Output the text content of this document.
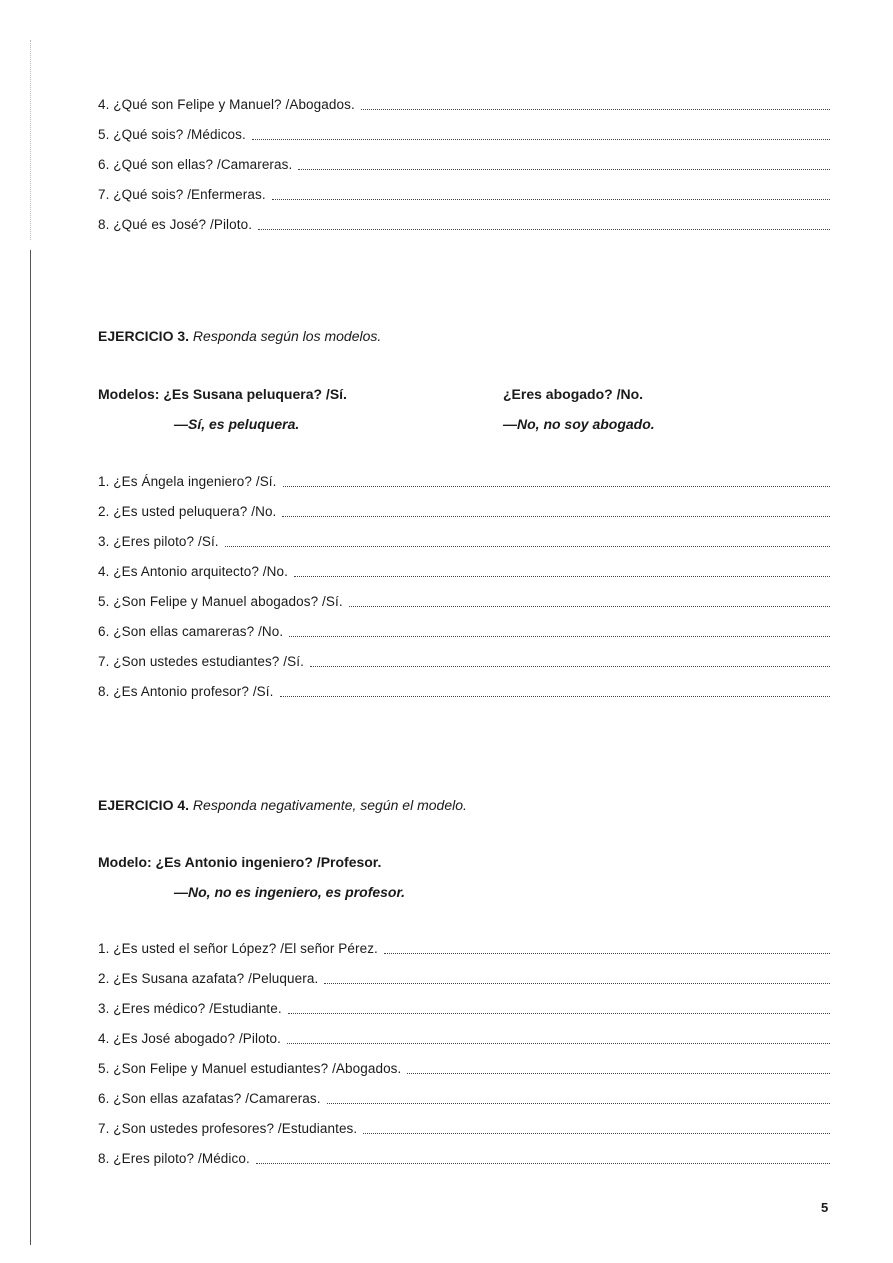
4. ¿Qué son Felipe y Manuel? /Abogados.
5. ¿Qué sois? /Médicos.
6. ¿Qué son ellas? /Camareras.
7. ¿Qué sois? /Enfermeras.
8. ¿Qué es José? /Piloto.
EJERCICIO 3. Responda según los modelos.
Modelos: ¿Es Susana peluquera? /Sí.	¿Eres abogado? /No.
—Sí, es peluquera.	—No, no soy abogado.
1. ¿Es Ángela ingeniero? /Sí.
2. ¿Es usted peluquera? /No.
3. ¿Eres piloto? /Sí.
4. ¿Es Antonio arquitecto? /No.
5. ¿Son Felipe y Manuel abogados? /Sí.
6. ¿Son ellas camareras? /No.
7. ¿Son ustedes estudiantes? /Sí.
8. ¿Es Antonio profesor? /Sí.
EJERCICIO 4. Responda negativamente, según el modelo.
Modelo: ¿Es Antonio ingeniero? /Profesor.
—No, no es ingeniero, es profesor.
1. ¿Es usted el señor López? /El señor Pérez.
2. ¿Es Susana azafata? /Peluquera.
3. ¿Eres médico? /Estudiante.
4. ¿Es José abogado? /Piloto.
5. ¿Son Felipe y Manuel estudiantes? /Abogados.
6. ¿Son ellas azafatas? /Camareras.
7. ¿Son ustedes profesores? /Estudiantes.
8. ¿Eres piloto? /Médico.
5
